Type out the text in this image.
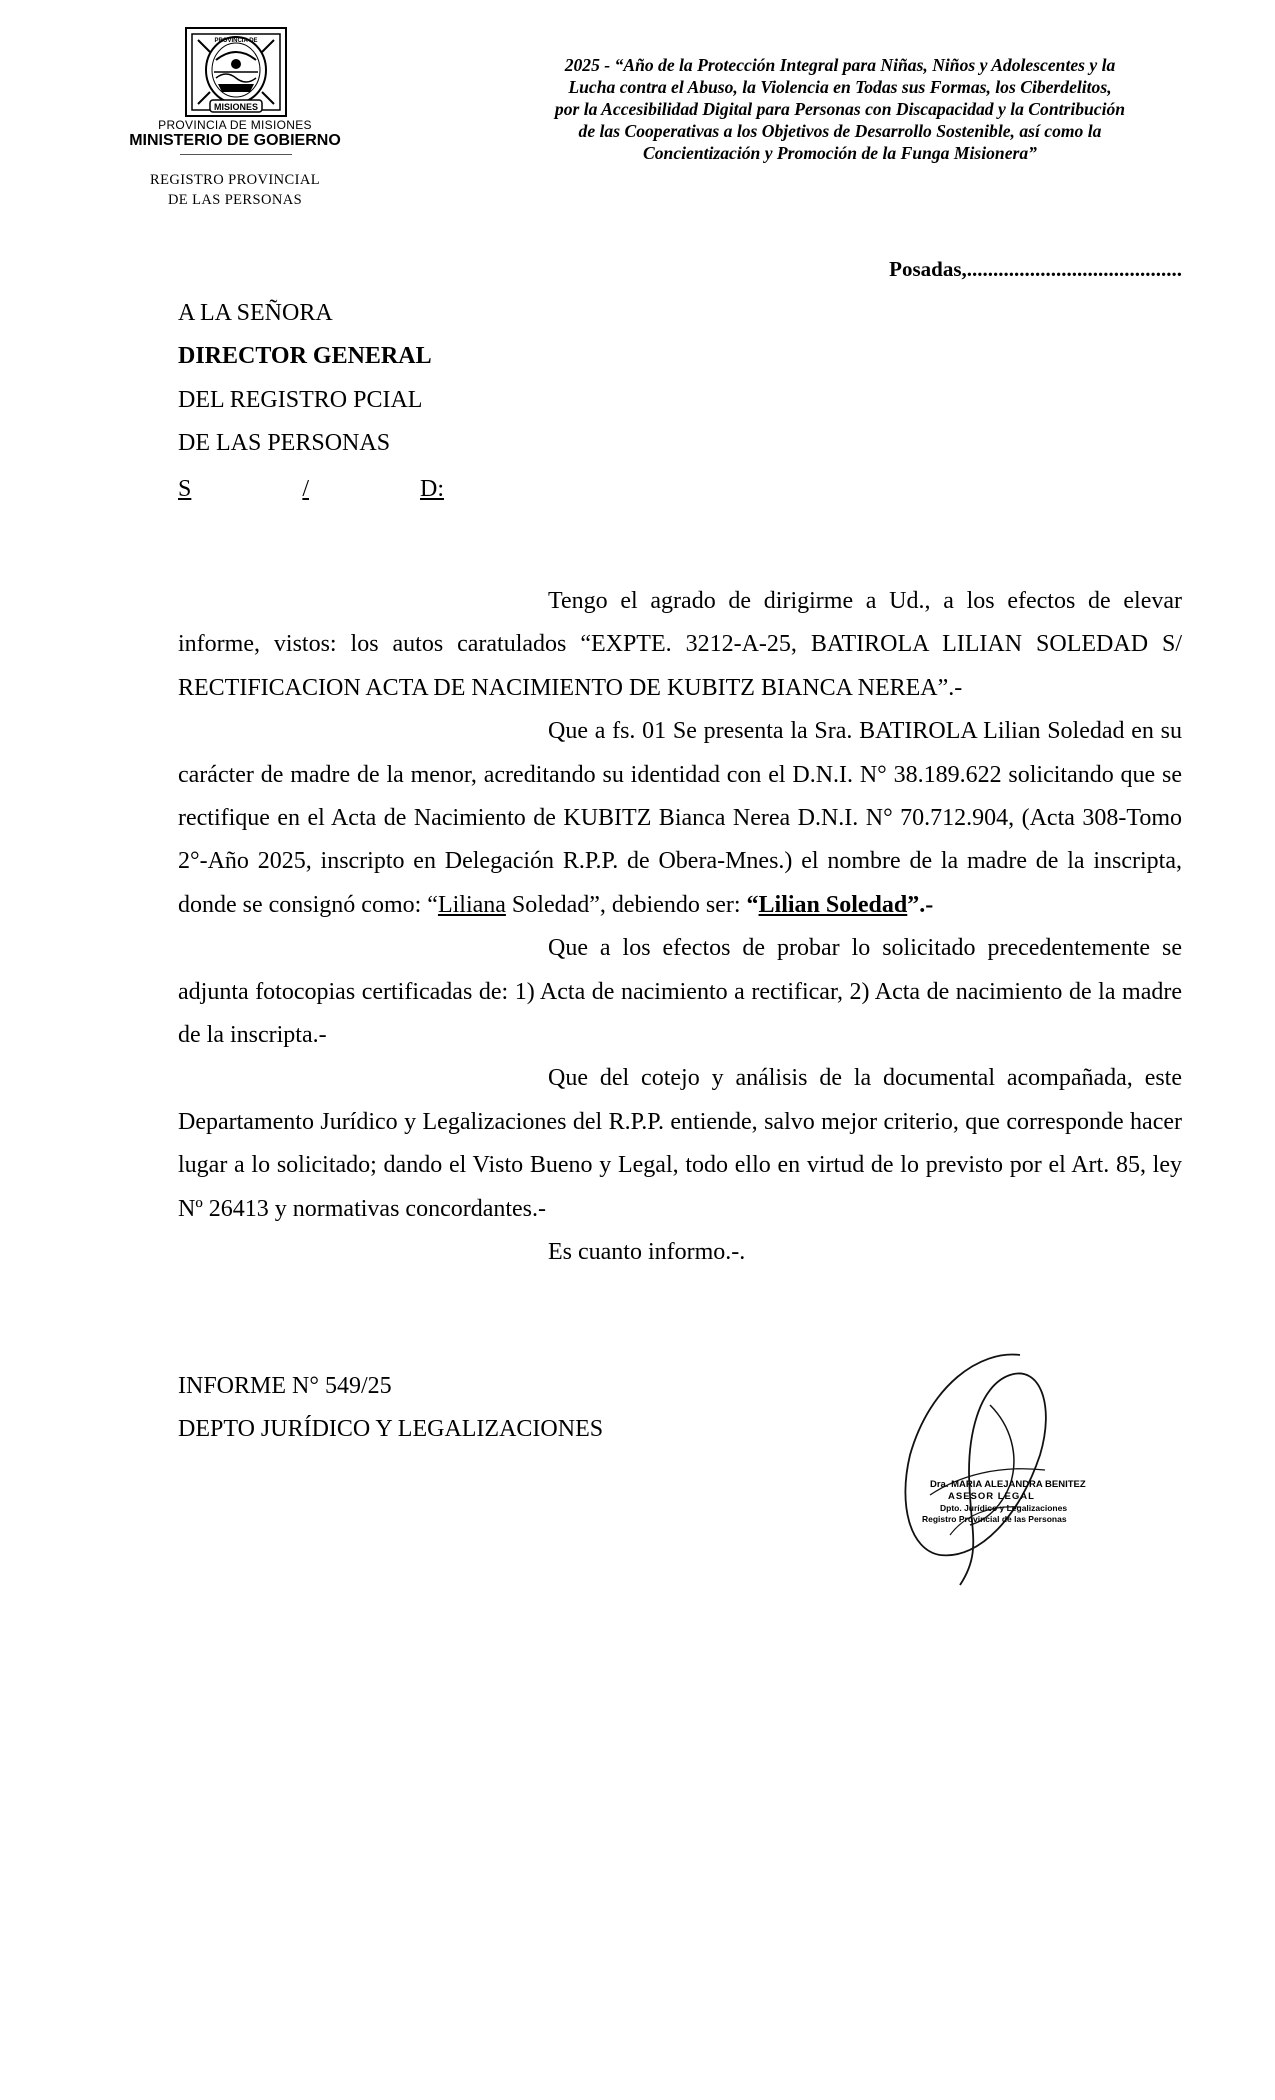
MISIONES
PROVINCIA DE
PROVINCIA DE MISIONES
MINISTERIO DE GOBIERNO
REGISTRO PROVINCIAL
DE LAS PERSONAS
2025 - “Año de la Protección Integral para Niñas, Niños y Adolescentes y la
Lucha contra el Abuso, la Violencia en Todas sus Formas, los Ciberdelitos,
por la Accesibilidad Digital para Personas con Discapacidad y la Contribución
de las Cooperativas a los Objetivos de Desarrollo Sostenible, así como la
Concientización y Promoción de la Funga Misionera”
Posadas,.........................................
A LA SEÑORA
DIRECTOR GENERAL
DEL REGISTRO PCIAL
DE LAS PERSONAS
S	/	D:

Tengo el agrado de dirigirme a Ud., a los efectos de elevar informe, vistos: los autos caratulados “EXPTE. 3212-A-25, BATIROLA LILIAN SOLEDAD S/ RECTIFICACION ACTA DE NACIMIENTO DE KUBITZ BIANCA NEREA”.-

Que a fs. 01 Se presenta la Sra. BATIROLA Lilian Soledad en su carácter de madre de la menor, acreditando su identidad con el D.N.I. N° 38.189.622 solicitando que se rectifique en el Acta de Nacimiento de KUBITZ Bianca Nerea D.N.I. N° 70.712.904, (Acta 308-Tomo 2°-Año 2025, inscripto en Delegación R.P.P. de Obera-Mnes.) el nombre de la madre de la inscripta, donde se consignó como: “Liliana Soledad”, debiendo ser: “Lilian Soledad”.-

Que a los efectos de probar lo solicitado precedentemente se adjunta fotocopias certificadas de: 1) Acta de nacimiento a rectificar, 2) Acta de nacimiento de la madre de la inscripta.-

Que del cotejo y análisis de la documental acompañada, este Departamento Jurídico y Legalizaciones del R.P.P. entiende, salvo mejor criterio, que corresponde hacer lugar a lo solicitado; dando el Visto Bueno y Legal, todo ello en virtud de lo previsto por el Art. 85, ley Nº 26413 y normativas concordantes.-

Es cuanto informo.-.

INFORME N° 549/25
DEPTO JURÍDICO Y LEGALIZACIONES
Dra. MARIA ALEJANDRA BENITEZ
ASESOR LEGAL
Dpto. Jurídico y Legalizaciones
Registro Provincial de las Personas
